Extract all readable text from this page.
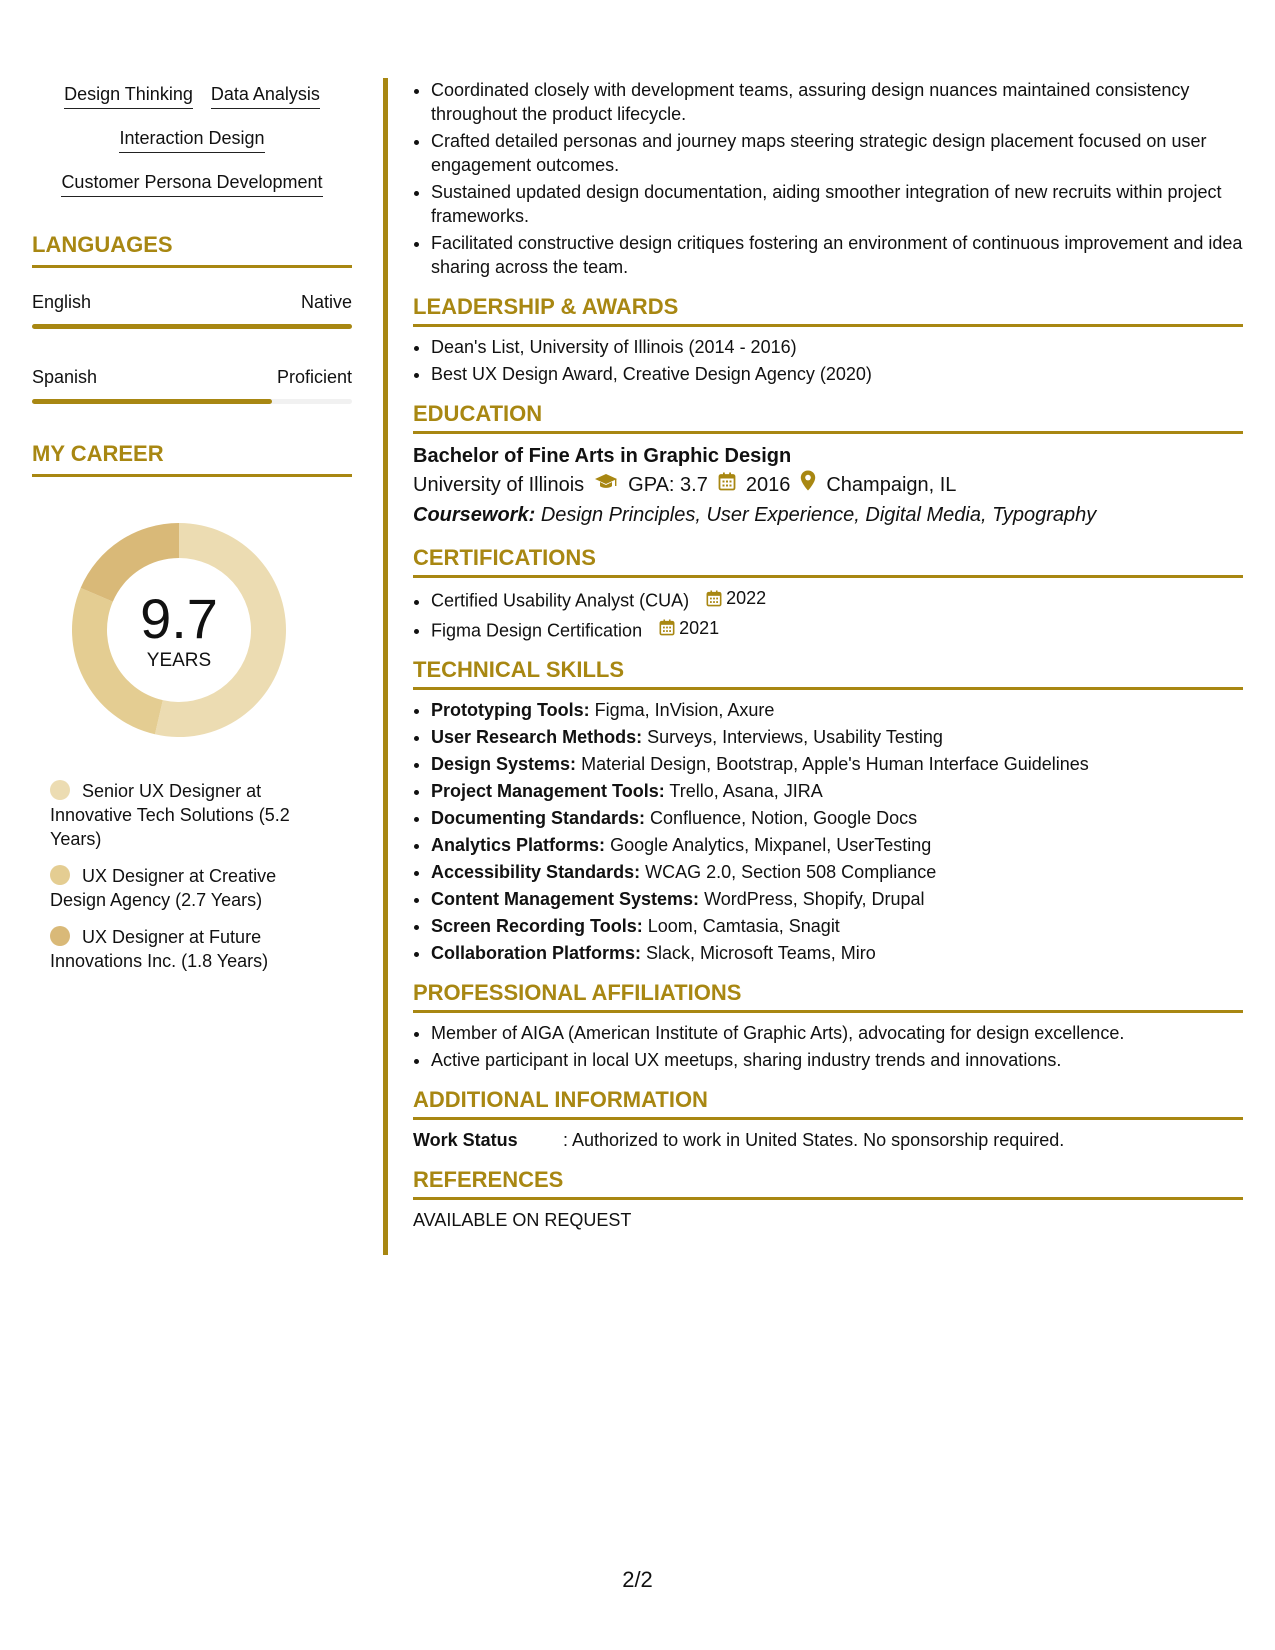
Design Thinking Data Analysis
Interaction Design
Customer Persona Development
LANGUAGES
English	Native
Spanish	Proficient
MY CAREER
9.7
YEARS
Senior UX Designer at Innovative Tech Solutions (5.2 Years)
UX Designer at Creative Design Agency (2.7 Years)
UX Designer at Future Innovations Inc. (1.8 Years)
• Coordinated closely with development teams, assuring design nuances maintained consistency throughout the product lifecycle.
• Crafted detailed personas and journey maps steering strategic design placement focused on user engagement outcomes.
• Sustained updated design documentation, aiding smoother integration of new recruits within project frameworks.
• Facilitated constructive design critiques fostering an environment of continuous improvement and idea sharing across the team.
LEADERSHIP & AWARDS
• Dean's List, University of Illinois (2014 - 2016)
• Best UX Design Award, Creative Design Agency (2020)
EDUCATION
Bachelor of Fine Arts in Graphic Design
University of Illinois GPA: 3.7 2016 Champaign, IL
Coursework: Design Principles, User Experience, Digital Media, Typography
CERTIFICATIONS
• Certified Usability Analyst (CUA) 2022
• Figma Design Certification 2021
TECHNICAL SKILLS
• Prototyping Tools: Figma, InVision, Axure
• User Research Methods: Surveys, Interviews, Usability Testing
• Design Systems: Material Design, Bootstrap, Apple's Human Interface Guidelines
• Project Management Tools: Trello, Asana, JIRA
• Documenting Standards: Confluence, Notion, Google Docs
• Analytics Platforms: Google Analytics, Mixpanel, UserTesting
• Accessibility Standards: WCAG 2.0, Section 508 Compliance
• Content Management Systems: WordPress, Shopify, Drupal
• Screen Recording Tools: Loom, Camtasia, Snagit
• Collaboration Platforms: Slack, Microsoft Teams, Miro
PROFESSIONAL AFFILIATIONS
• Member of AIGA (American Institute of Graphic Arts), advocating for design excellence.
• Active participant in local UX meetups, sharing industry trends and innovations.
ADDITIONAL INFORMATION
Work Status	: Authorized to work in United States. No sponsorship required.
REFERENCES
AVAILABLE ON REQUEST
2/2
